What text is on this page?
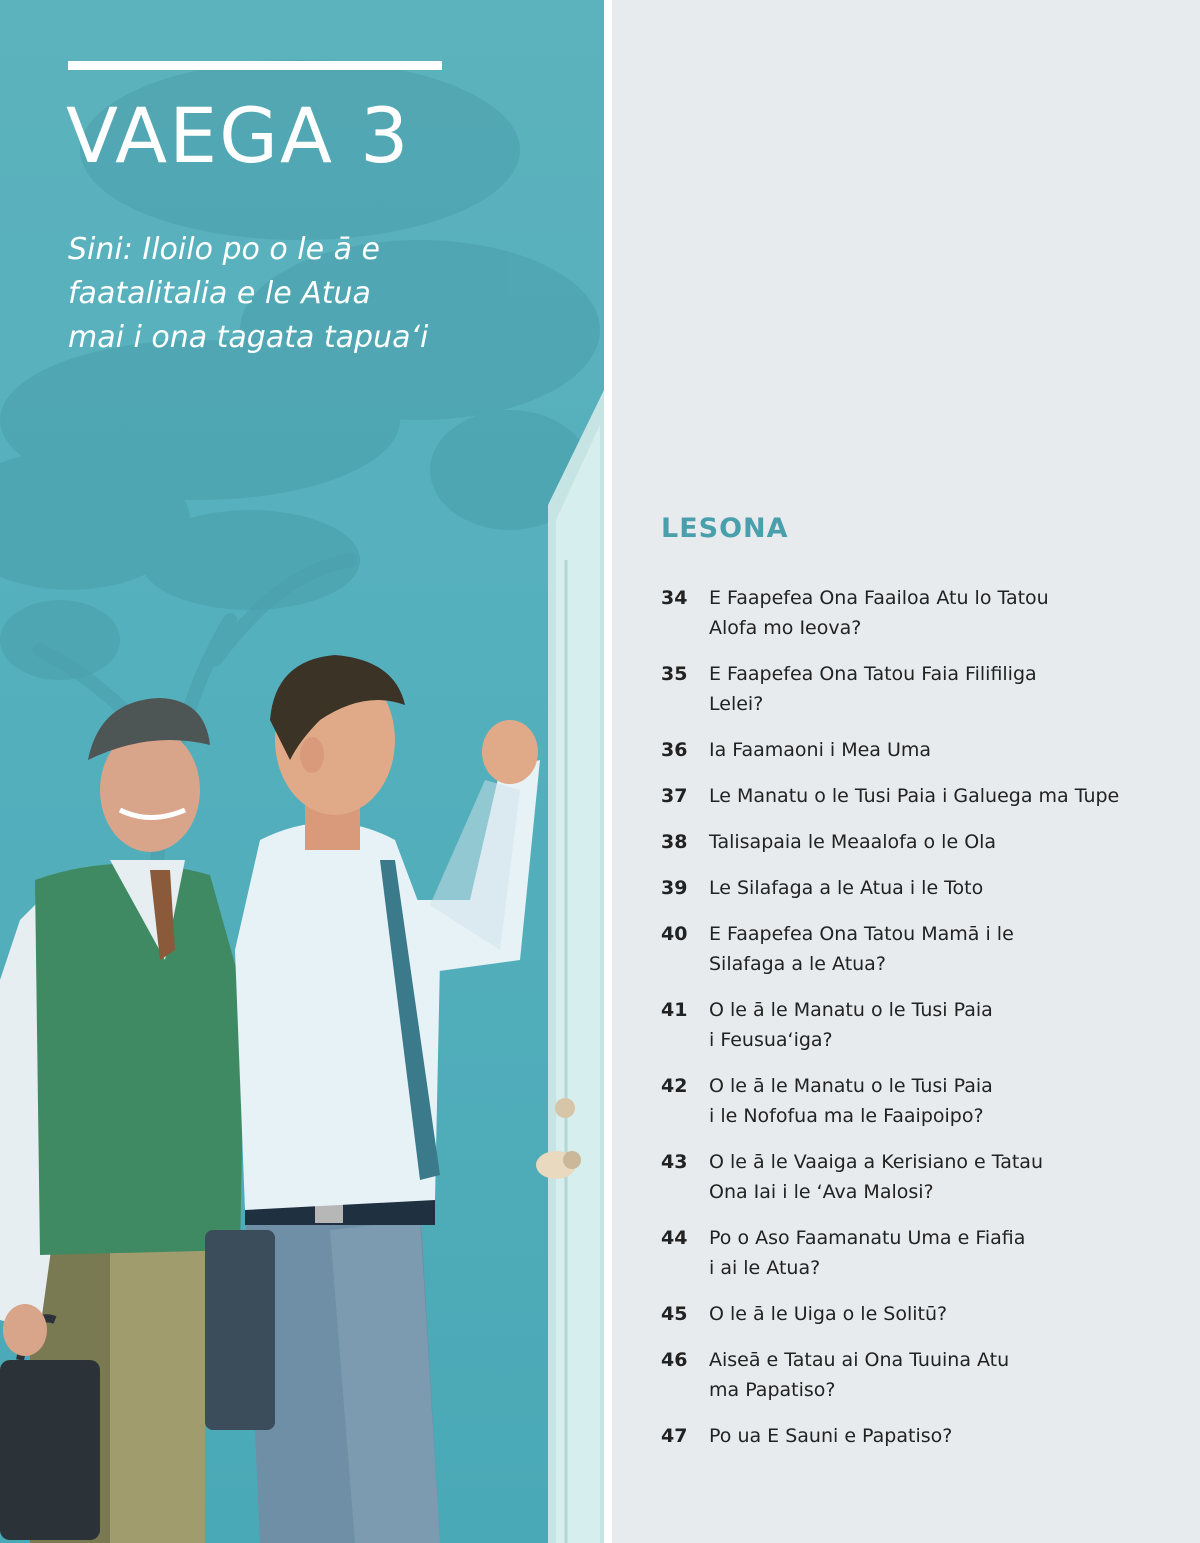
VAEGA 3

Sini: Iloilo po o le ā e
faatalitalia e le Atua
mai i ona tagata tapuaʻi

LESONA
34	E Faapefea Ona Faailoa Atu lo Tatou
Alofa mo Ieova?
35	E Faapefea Ona Tatou Faia Filifiliga
Lelei?
36	Ia Faamaoni i Mea Uma
37	Le Manatu o le Tusi Paia i Galuega ma Tupe
38	Talisapaia le Meaalofa o le Ola
39	Le Silafaga a le Atua i le Toto
40	E Faapefea Ona Tatou Mamā i le
Silafaga a le Atua?
41	O le ā le Manatu o le Tusi Paia
i Feusuaʻiga?
42	O le ā le Manatu o le Tusi Paia
i le Nofofua ma le Faaipoipo?
43	O le ā le Vaaiga a Kerisiano e Tatau
Ona Iai i le ʻAva Malosi?
44	Po o Aso Faamanatu Uma e Fiafia
i ai le Atua?
45	O le ā le Uiga o le Solitū?
46	Aiseā e Tatau ai Ona Tuuina Atu
ma Papatiso?
47	Po ua E Sauni e Papatiso?
